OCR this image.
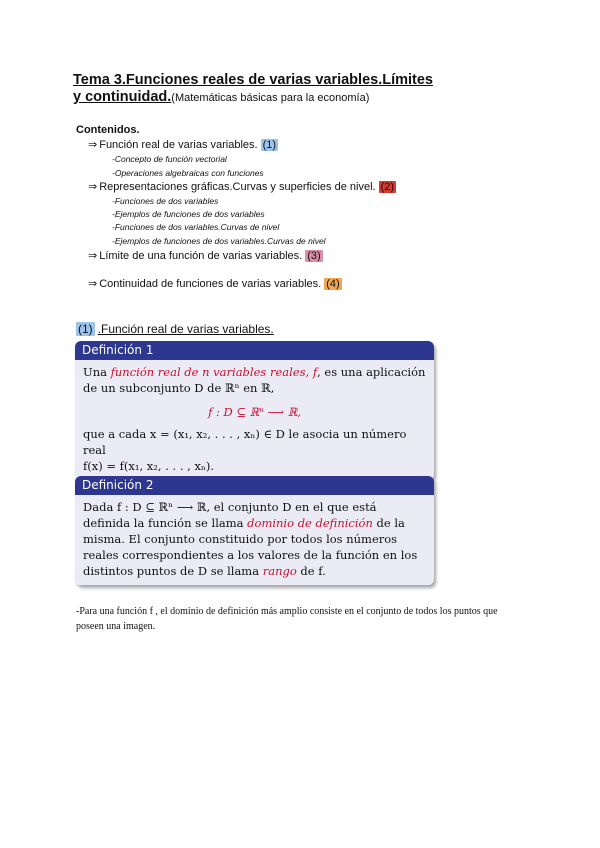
Tema 3.Funciones reales de varias variables.Límites y continuidad.(Matemáticas básicas para la economía)
Contenidos.
⇒ Función real de varias variables. (1)
-Concepto de función vectorial
-Operaciones algebraicas con funciones
⇒ Representaciones gráficas.Curvas y superficies de nivel. (2)
-Funciones de dos variables
-Ejemplos de funciones de dos variables
-Funciones de dos variables.Curvas de nivel
-Ejemplos de funciones de dos variables.Curvas de nivel
⇒ Límite de una función de varias variables. (3)
⇒ Continuidad de funciones de varias variables. (4)
(1) .Función real de varias variables.
Definición 1
Una función real de n variables reales, f, es una aplicación de un subconjunto D de ℝⁿ en ℝ,
f : D ⊆ ℝⁿ ⟶ ℝ,
que a cada x = (x₁, x₂, . . . , xₙ) ∈ D le asocia un número real
f(x) = f(x₁, x₂, . . . , xₙ).
Definición 2
Dada f : D ⊆ ℝⁿ ⟶ ℝ, el conjunto D en el que está definida la función se llama dominio de definición de la misma. El conjunto constituido por todos los números reales correspondientes a los valores de la función en los distintos puntos de D se llama rango de f.
-Para una función f , el dominio de definición más amplio consiste en el conjunto de todos los puntos que poseen una imagen.
